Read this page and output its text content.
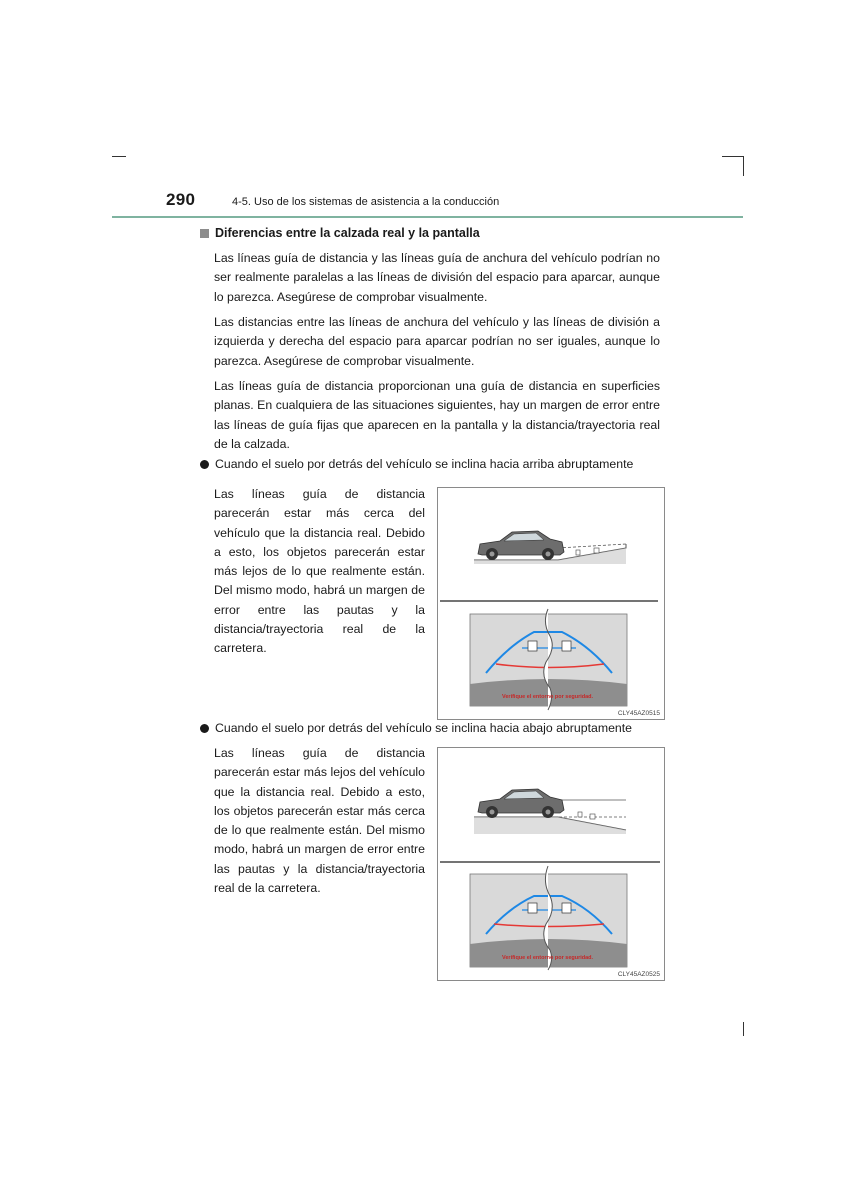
290	4-5. Uso de los sistemas de asistencia a la conducción
Diferencias entre la calzada real y la pantalla
Las líneas guía de distancia y las líneas guía de anchura del vehículo podrían no ser realmente paralelas a las líneas de división del espacio para aparcar, aunque lo parezca. Asegúrese de comprobar visualmente.
Las distancias entre las líneas de anchura del vehículo y las líneas de división a izquierda y derecha del espacio para aparcar podrían no ser iguales, aunque lo parezca. Asegúrese de comprobar visualmente.
Las líneas guía de distancia proporcionan una guía de distancia en superficies planas. En cualquiera de las situaciones siguientes, hay un margen de error entre las líneas de guía fijas que aparecen en la pantalla y la distancia/trayectoria real de la calzada.
Cuando el suelo por detrás del vehículo se inclina hacia arriba abruptamente
Las líneas guía de distancia parecerán estar más cerca del vehículo que la distancia real. Debido a esto, los objetos parecerán estar más lejos de lo que realmente están. Del mismo modo, habrá un margen de error entre las pautas y la distancia/trayectoria real de la carretera.
Verifique el entorno por seguridad.
CLY45AZ0515
Cuando el suelo por detrás del vehículo se inclina hacia abajo abruptamente
Las líneas guía de distancia parecerán estar más lejos del vehículo que la distancia real. Debido a esto, los objetos parecerán estar más cerca de lo que realmente están. Del mismo modo, habrá un margen de error entre las pautas y la distancia/trayectoria real de la carretera.
Verifique el entorno por seguridad.
CLY45AZ0525
